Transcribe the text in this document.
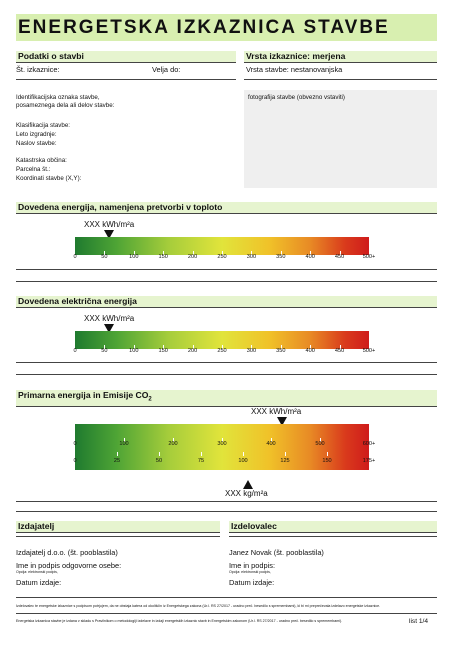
ENERGETSKA IZKAZNICA STAVBE
Podatki o stavbi
Št. izkaznice:	Velja do:
Identifikacijska oznaka stavbe,
posameznega dela ali delov stavbe:
Klasifikacija stavbe:
Leto izgradnje:
Naslov stavbe:
Katastrska občina:
Parcelna št.:
Koordinati stavbe (X,Y):
Vrsta izkaznice: merjena
Vrsta stavbe: nestanovanjska
fotografija stavbe (obvezno vstaviti)
Dovedena energija, namenjena pretvorbi v toploto
XXX kWh/m²a
0	50	100	150	200	250	300	350	400	450	500+
Dovedena električna energija
XXX kWh/m²a
0	50	100	150	200	250	300	350	400	450	500+
Primarna energija in Emisije $CO_2$
XXX kWh/m²a
0	100	200	300	400	500	600+
0	25	50	75	100	125	150	175+
XXX kg/m²a
Izdajatelj
Izdajatelj d.o.o. (št. pooblastila)
Ime in podpis odgovorne osebe:
Opcija: elektronski podpis,
Datum izdaje:
Izdelovalec
Janez Novak (št. pooblastila)
Ime in podpis:
Opcija: elektronski podpis,
Datum izdaje:
Izdelovalec te energetske izkaznice s podpisom potrjujem, da ne obstaja katera od okoliščin iz Energetskega zakona (Ur.l. RS 27/2017 - uradno preč. besedilo s spremembami), ki bi mi preprečevala izdelavo energetske izkaznice.
Energetska izkaznica stavbe je izdana v skladu s Pravilnikom o metodologiji izdelave in izdaji energetskih izkaznic stavb in Energetskim zakonom (Ur.l. RS 27/2017 - uradno preč. besedilo s spremembami).	list 1/4
